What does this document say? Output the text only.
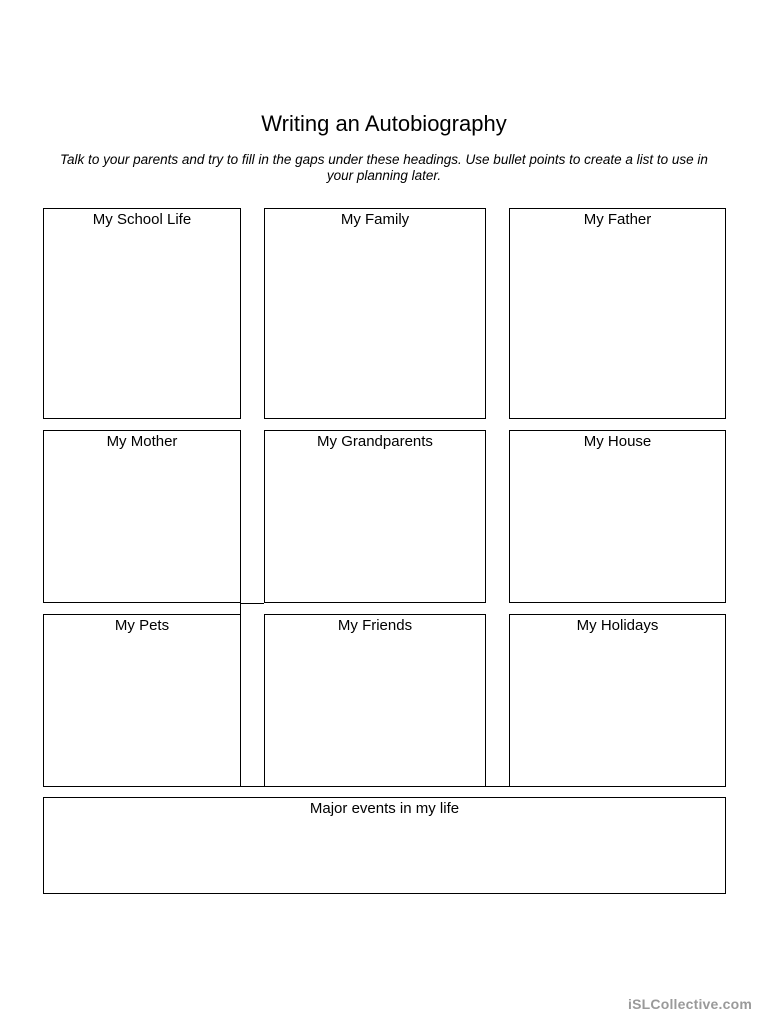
Writing an Autobiography
Talk to your parents and try to fill in the gaps under these headings. Use bullet points to create a list to use in your planning later.
My School Life	My Family	My Father
My Mother	My Grandparents	My House
My Pets	My Friends	My Holidays
Major events in my life
iSLCollective.com
